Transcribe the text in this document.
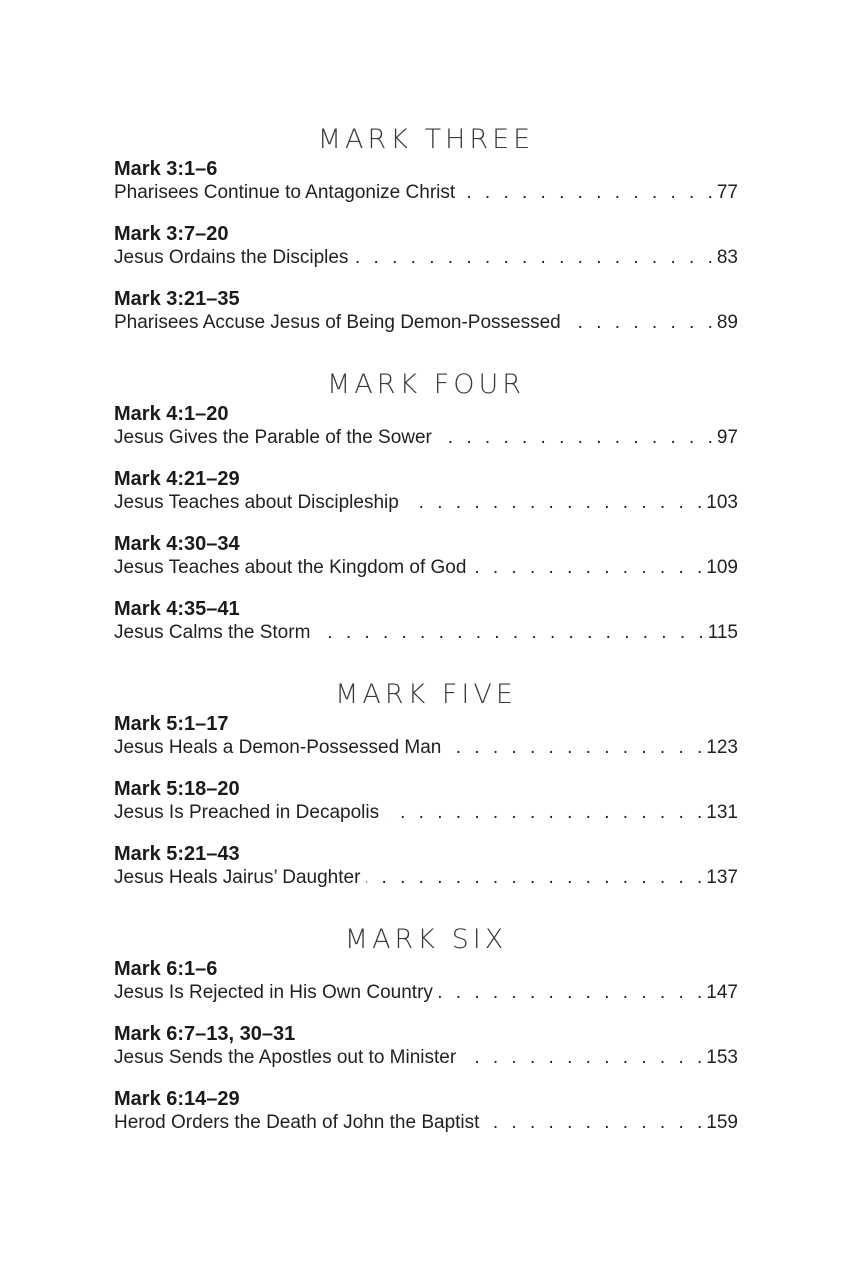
MARK THREE
Mark 3:1–6
Pharisees Continue to Antagonize Christ . . .	77
Mark 3:7–20
Jesus Ordains the Disciples . . .	83
Mark 3:21–35
Pharisees Accuse Jesus of Being Demon-Possessed . . .	89
MARK FOUR
Mark 4:1–20
Jesus Gives the Parable of the Sower . . .	97
Mark 4:21–29
Jesus Teaches about Discipleship . . .	103
Mark 4:30–34
Jesus Teaches about the Kingdom of God . . .	109
Mark 4:35–41
Jesus Calms the Storm . . .	115
MARK FIVE
Mark 5:1–17
Jesus Heals a Demon-Possessed Man . . .	123
Mark 5:18–20
Jesus Is Preached in Decapolis . . .	131
Mark 5:21–43
Jesus Heals Jairus’ Daughter . . .	137
MARK SIX
Mark 6:1–6
Jesus Is Rejected in His Own Country . . .	147
Mark 6:7–13, 30–31
Jesus Sends the Apostles out to Minister . . .	153
Mark 6:14–29
Herod Orders the Death of John the Baptist . . .	159
